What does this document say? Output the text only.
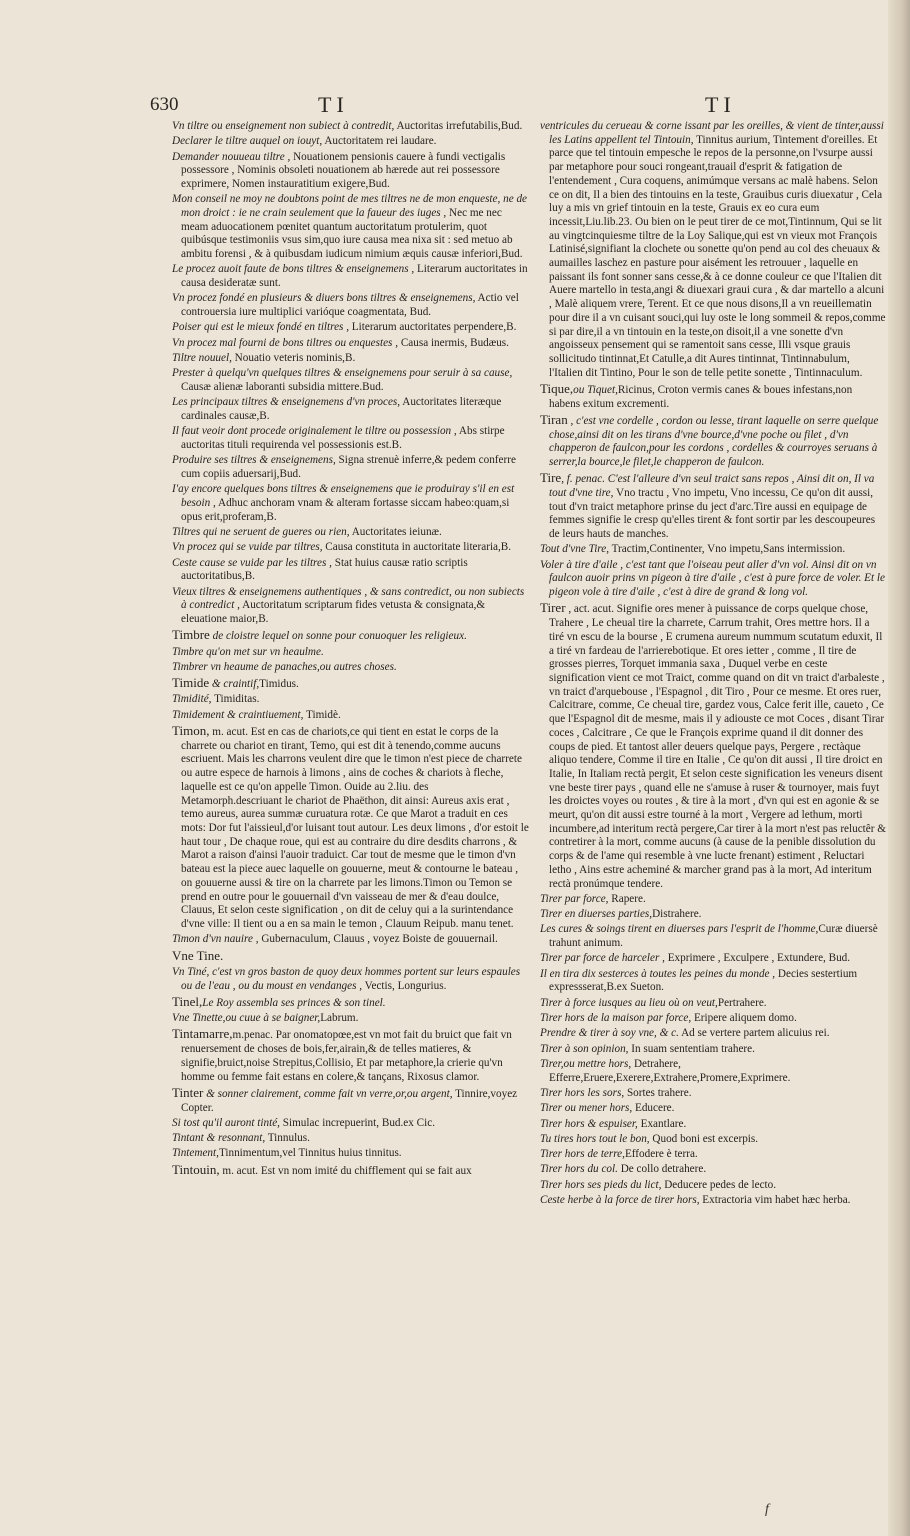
630	TI	TI

Vn tiltre ou enseignement non subiect à contredit, Auctoritas irrefutabilis,Bud.

Declarer le tiltre auquel on iouyt, Auctoritatem rei laudare.

Demander nouueau tiltre , Nouationem pensionis cauere à fundi vectigalis possessore , Nominis obsoleti nouationem ab hærede aut rei possessore exprimere, Nomen instauratitium exigere,Bud.

Mon conseil ne moy ne doubtons point de mes tiltres ne de mon enqueste, ne de mon droict : ie ne crain seulement que la faueur des iuges , Nec me nec meam aduocationem pœnitet quantum auctoritatum protulerim, quot quibúsque testimoniis vsus sim,quo iure causa mea nixa sit : sed metuo ab ambitu forensi , & à quibusdam iudicum nimium æquis causæ inferiori,Bud.

Le procez auoit faute de bons tiltres & enseignemens , Literarum auctoritates in causa desideratæ sunt.

Vn procez fondé en plusieurs & diuers bons tiltres & enseignemens, Actio vel controuersia iure multiplici varióque coagmentata, Bud.

Poiser qui est le mieux fondé en tiltres , Literarum auctoritates perpendere,B.

Vn procez mal fourni de bons tiltres ou enquestes , Causa inermis, Budæus.

Tiltre nouuel, Nouatio veteris nominis,B.

Prester à quelqu'vn quelques tiltres & enseignemens pour seruir à sa cause, Causæ alienæ laboranti subsidia mittere.Bud.

Les principaux tiltres & enseignemens d'vn proces, Auctoritates literæque cardinales causæ,B.

Il faut veoir dont procede originalement le tiltre ou possession , Abs stirpe auctoritas tituli requirenda vel possessionis est.B.

Produire ses tiltres & enseignemens, Signa strenuè inferre,& pedem conferre cum copiis aduersarij,Bud.

I'ay encore quelques bons tiltres & enseignemens que ie produiray s'il en est besoin , Adhuc anchoram vnam & alteram fortasse siccam habeo:quam,si opus erit,proferam,B.

Tiltres qui ne seruent de gueres ou rien, Auctoritates ieiunæ.

Vn procez qui se vuide par tiltres, Causa constituta in auctoritate literaria,B.

Ceste cause se vuide par les tiltres , Stat huius causæ ratio scriptis auctoritatibus,B.

Vieux tiltres & enseignemens authentiques , & sans contredict, ou non subiects à contredict , Auctoritatum scriptarum fides vetusta & consignata,& eleuatione maior,B.

Timbre de cloistre lequel on sonne pour conuoquer les religieux.

Timbre qu'on met sur vn heaulme.

Timbrer vn heaume de panaches,ou autres choses.

Timide & craintif,Timidus.

Timidité, Timiditas.

Timidement & craintiuement, Timidè.

Timon, m. acut. Est en cas de chariots,ce qui tient en estat le corps de la charrete ou chariot en tirant, Temo, qui est dit à tenendo,comme aucuns escriuent. Mais les charrons veulent dire que le timon n'est piece de charrete ou autre espece de harnois à limons , ains de coches & chariots à fleche, laquelle est ce qu'on appelle Timon. Ouide au 2.liu. des Metamorph.descriuant le chariot de Phaëthon, dit ainsi: Aureus axis erat , temo aureus, aurea summæ curuatura rotæ. Ce que Marot a traduit en ces mots: Dor fut l'aissieul,d'or luisant tout autour. Les deux limons , d'or estoit le haut tour , De chaque roue, qui est au contraire du dire desdits charrons , & Marot a raison d'ainsi l'auoir traduict. Car tout de mesme que le timon d'vn bateau est la piece auec laquelle on gouuerne, meut & contourne le bateau , on gouuerne aussi & tire on la charrete par les limons.Timon ou Temon se prend en outre pour le gouuernail d'vn vaisseau de mer & d'eau doulce, Clauus, Et selon ceste signification , on dit de celuy qui a la surintendance d'vne ville: Il tient ou a en sa main le temon , Clauum Reipub. manu tenet.

Timon d'vn nauire , Gubernaculum, Clauus , voyez Boiste de gouuernail.

Vne Tine.

Vn Tiné, c'est vn gros baston de quoy deux hommes portent sur leurs espaules ou de l'eau , ou du moust en vendanges , Vectis, Longurius.

Tinel,Le Roy assembla ses princes & son tinel.

Vne Tinette,ou cuue à se baigner,Labrum.

Tintamarre,m.penac. Par onomatopœe,est vn mot fait du bruict que fait vn renuersement de choses de bois,fer,airain,& de telles matieres, & signifie,bruict,noise Strepitus,Collisio, Et par metaphore,la crierie qu'vn homme ou femme fait estans en colere,& tançans, Rixosus clamor.

Tinter & sonner clairement, comme fait vn verre,or,ou argent, Tinnire,voyez Copter.

Si tost qu'il auront tinté, Simulac increpuerint, Bud.ex Cic.

Tintant & resonnant, Tinnulus.

Tintement,Tinnimentum,vel Tinnitus huius tinnitus.

Tintouin, m. acut. Est vn nom imité du chifflement qui se fait aux

ventricules du cerueau & corne issant par les oreilles, & vient de tinter,aussi les Latins appellent tel Tintouin, Tinnitus aurium, Tintement d'oreilles. Et parce que tel tintouin empesche le repos de la personne,on l'vsurpe aussi par metaphore pour souci rongeant,trauail d'esprit & fatigation de l'entendement , Cura coquens, animúmque versans ac malè habens. Selon ce on dit, Il a bien des tintouins en la teste, Grauibus curis diuexatur , Cela luy a mis vn grief tintouin en la teste, Grauis ex eo cura eum incessit,Liu.lib.23. Ou bien on le peut tirer de ce mot,Tintinnum, Qui se lit au vingtcinquiesme tiltre de la Loy Salique,qui est vn vieux mot François Latinisé,signifiant la clochete ou sonette qu'on pend au col des cheuaux & aumailles laschez en pasture pour aisément les retrouuer , laquelle en paissant ils font sonner sans cesse,& à ce donne couleur ce que l'Italien dit Auere martello in testa,angi & diuexari graui cura , & dar martello a alcuni , Malè aliquem vrere, Terent. Et ce que nous disons,Il a vn reueillematin pour dire il a vn cuisant souci,qui luy oste le long sommeil & repos,comme si par dire,il a vn tintouin en la teste,on disoit,il a vne sonette d'vn angoisseux pensement qui se ramentoit sans cesse, Illi vsque grauis sollicitudo tintinnat,Et Catulle,a dit Aures tintinnat, Tintinnabulum, l'Italien dit Tintino, Pour le son de telle petite sonette , Tintinnaculum.

Tique,ou Tiquet,Ricinus, Croton vermis canes & boues infestans,non habens exitum excrementi.

Tiran , c'est vne cordelle , cordon ou lesse, tirant laquelle on serre quelque chose,ainsi dit on les tirans d'vne bource,d'vne poche ou filet , d'vn chapperon de faulcon,pour les cordons , cordelles & courroyes seruans à serrer,la bource,le filet,le chapperon de faulcon.

Tire, f. penac. C'est l'alleure d'vn seul traict sans repos , Ainsi dit on, Il va tout d'vne tire, Vno tractu , Vno impetu, Vno incessu, Ce qu'on dit aussi, tout d'vn traict metaphore prinse du ject d'arc.Tire aussi en equipage de femmes signifie le cresp qu'elles tirent & font sortir par les descoupeures de leurs hauts de manches.

Tout d'vne Tire, Tractim,Continenter, Vno impetu,Sans intermission.

Voler à tire d'aile , c'est tant que l'oiseau peut aller d'vn vol. Ainsi dit on vn faulcon auoir prins vn pigeon à tire d'aile , c'est à pure force de voler. Et le pigeon vole à tire d'aile , c'est à dire de grand & long vol.

Tirer , act. acut. Signifie ores mener à puissance de corps quelque chose, Trahere , Le cheual tire la charrete, Carrum trahit, Ores mettre hors. Il a tiré vn escu de la bourse , E crumena aureum nummum scutatum eduxit, Il a tiré vn fardeau de l'arrierebotique. Et ores ietter , comme , Il tire de grosses pierres, Torquet immania saxa , Duquel verbe en ceste signification vient ce mot Traict, comme quand on dit vn traict d'arbaleste , vn traict d'arquebouse , l'Espagnol , dit Tiro , Pour ce mesme. Et ores ruer, Calcitrare, comme, Ce cheual tire, gardez vous, Calce ferit ille, caueto , Ce que l'Espagnol dit de mesme, mais il y adiouste ce mot Coces , disant Tirar coces , Calcitrare , Ce que le François exprime quand il dit donner des coups de pied. Et tantost aller deuers quelque pays, Pergere , rectàque aliquo tendere, Comme il tire en Italie , Ce qu'on dit aussi , Il tire droict en Italie, In Italiam rectà pergit, Et selon ceste signification les veneurs disent vne beste tirer pays , quand elle ne s'amuse à ruser & tournoyer, mais fuyt les droictes voyes ou routes , & tire à la mort , d'vn qui est en agonie & se meurt, qu'on dit aussi estre tourné à la mort , Vergere ad lethum, morti incumbere,ad interitum rectà pergere,Car tirer à la mort n'est pas reluctêr & contretirer à la mort, comme aucuns (à cause de la penible dissolution du corps & de l'ame qui resemble à vne lucte frenant) estiment , Reluctari letho , Ains estre acheminé & marcher grand pas à la mort, Ad interitum rectà pronúmque tendere.

Tirer par force, Rapere.

Tirer en diuerses parties,Distrahere.

Les cures & soings tirent en diuerses pars l'esprit de l'homme,Curæ diuersè trahunt animum.

Tirer par force de harceler , Exprimere , Exculpere , Extundere, Bud.

Il en tira dix sesterces à toutes les peines du monde , Decies sestertium expressserat,B.ex Sueton.

Tirer à force iusques au lieu où on veut,Pertrahere.

Tirer hors de la maison par force, Eripere aliquem domo.

Prendre & tirer à soy vne, & c. Ad se vertere partem alicuius rei.

Tirer à son opinion, In suam sententiam trahere.

Tirer,ou mettre hors, Detrahere, Efferre,Eruere,Exerere,Extrahere,Promere,Exprimere.

Tirer hors les sors, Sortes trahere.

Tirer ou mener hors, Educere.

Tirer hors & espuiser, Exantlare.

Tu tires hors tout le bon, Quod boni est excerpis.

Tirer hors de terre,Effodere è terra.

Tirer hors du col. De collo detrahere.

Tirer hors ses pieds du lict, Deducere pedes de lecto.

Ceste herbe à la force de tirer hors, Extractoria vim habet hæc herba.

f
